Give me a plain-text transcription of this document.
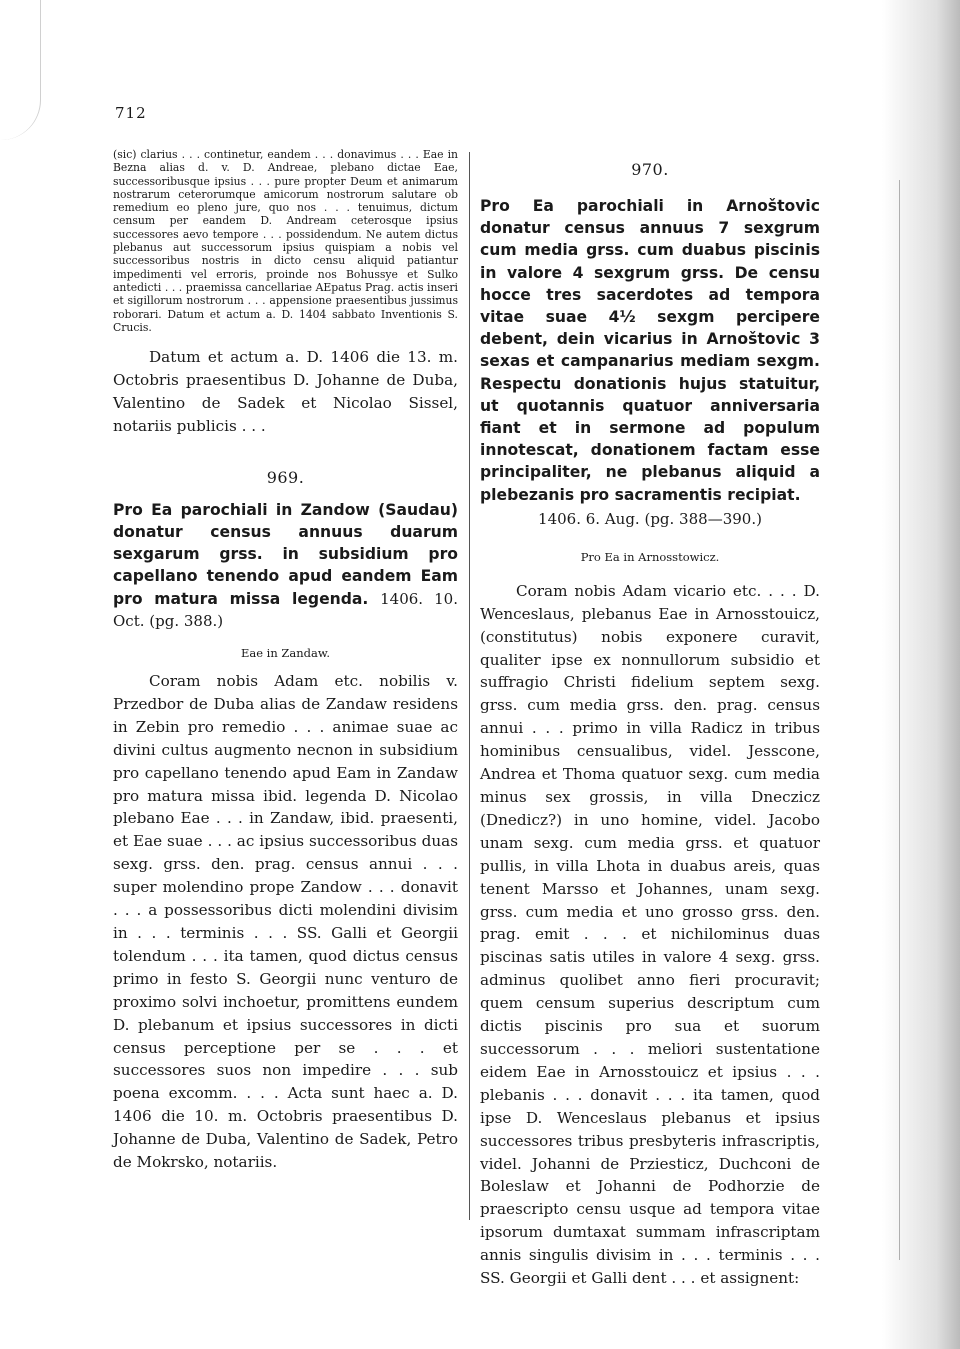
712

(sic) clarius . . . continetur, eandem . . . donavimus . . . Eae in Bezna alias d. v. D. Andreae, plebano dictae Eae, successoribusque ipsius . . . pure propter Deum et animarum nostrarum ceterorumque amicorum nostrorum salutare ob remedium eo pleno jure, quo nos . . . tenuimus, dictum censum per eandem D. Andream ceterosque ipsius successores aevo tempore . . . possidendum. Ne autem dictus plebanus aut successorum ipsius quispiam a nobis vel successoribus nostris in dicto censu aliquid patiantur impedimenti vel erroris, proinde nos Bohussye et Sulko antedicti . . . praemissa cancellariae AEpatus Prag. actis inseri et sigillorum nostrorum . . . appensione praesentibus jussimus roborari. Datum et actum a. D. 1404 sabbato Inventionis S. Crucis.

Datum et actum a. D. 1406 die 13. m. Octobris praesentibus D. Johanne de Duba, Valentino de Sadek et Nicolao Sissel, notariis publicis . . .

969.

Pro Ea parochiali in Zandow (Saudau) donatur census annuus duarum sexgarum grss. in subsidium pro capellano tenendo apud eandem Eam pro matura missa legenda. 1406. 10. Oct. (pg. 388.)

Eae in Zandaw.

Coram nobis Adam etc. nobilis v. Przedbor de Duba alias de Zandaw residens in Zebin pro remedio . . . animae suae ac divini cultus augmento necnon in subsidium pro capellano tenendo apud Eam in Zandaw pro matura missa ibid. legenda D. Nicolao plebano Eae . . . in Zandaw, ibid. praesenti, et Eae suae . . . ac ipsius successoribus duas sexg. grss. den. prag. census annui . . . super molendino prope Zandow . . . donavit . . . a possessoribus dicti molendini divisim in . . . terminis . . . SS. Galli et Georgii tolendum . . . ita tamen, quod dictus census primo in festo S. Georgii nunc venturo de proximo solvi inchoetur, promittens eundem D. plebanum et ipsius successores in dicti census perceptione per se . . . et successores suos non impedire . . . sub poena excomm. . . . Acta sunt haec a. D. 1406 die 10. m. Octobris praesentibus D. Johanne de Duba, Valentino de Sadek, Petro de Mokrsko, notariis.

970.

Pro Ea parochiali in Arnoštovic donatur census annuus 7 sexgrum cum media grss. cum duabus piscinis in valore 4 sexgrum grss. De censu hocce tres sacerdotes ad tempora vitae suae 4½ sexgm percipere debent, dein vicarius in Arnoštovic 3 sexas et campanarius mediam sexgm. Respectu donationis hujus statuitur, ut quotannis quatuor anniversaria fiant et in sermone ad populum innotescat, donationem factam esse principaliter, ne plebanus aliquid a plebezanis pro sacramentis recipiat.

1406. 6. Aug. (pg. 388—390.)

Pro Ea in Arnosstowicz.

Coram nobis Adam vicario etc. . . . D. Wenceslaus, plebanus Eae in Arnosstouicz, (constitutus) nobis exponere curavit, qualiter ipse ex nonnullorum subsidio et suffragio Christi fidelium septem sexg. grss. cum media grss. den. prag. census annui . . . primo in villa Radicz in tribus hominibus censualibus, videl. Jesscone, Andrea et Thoma quatuor sexg. cum media minus sex grossis, in villa Dneczicz (Dnedicz?) in uno homine, videl. Jacobo unam sexg. cum media grss. et quatuor pullis, in villa Lhota in duabus areis, quas tenent Marsso et Johannes, unam sexg. grss. cum media et uno grosso grss. den. prag. emit . . . et nichilominus duas piscinas satis utiles in valore 4 sexg. grss. adminus quolibet anno fieri procuravit; quem censum superius descriptum cum dictis piscinis pro sua et suorum successorum . . . meliori sustentatione eidem Eae in Arnosstouicz et ipsius . . . plebanis . . . donavit . . . ita tamen, quod ipse D. Wenceslaus plebanus et ipsius successores tribus presbyteris infrascriptis, videl. Johanni de Prziesticz, Duchconi de Boleslaw et Johanni de Podhorzie de praescripto censu usque ad tempora vitae ipsorum dumtaxat summam infrascriptam annis singulis divisim in . . . terminis . . . SS. Georgii et Galli dent . . . et assignent:
